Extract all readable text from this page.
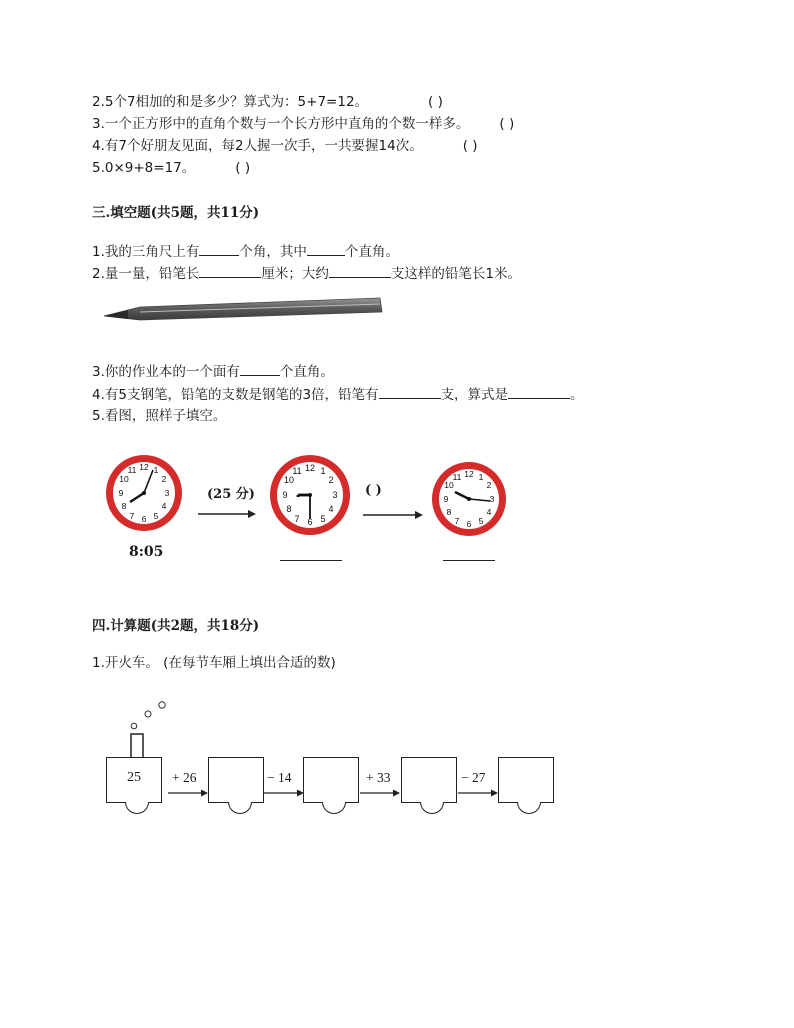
2.5个7相加的和是多少？算式为：5+7=12。	( )
3.一个正方形中的直角个数与一个长方形中直角的个数一样多。 ( )
4.有7个好朋友见面，每2人握一次手，一共要握14次。	( )
5.0×9+8=17。	( )
三.填空题(共5题，共11分)
1.我的三角尺上有	个角，其中	个直角。
2.量一量，铅笔长	厘米；大约	支这样的铅笔长1米。
3.你的作业本的一个面有	个直角。
4.有5支钢笔，铅笔的支数是钢笔的3倍，铅笔有	支，算式是	。
5.看图，照样子填空。
12 1
2
3
4
5
6
7
8
9
10
11
8:05
(25 分)
12 1
2
3
4
5
6
7
8
9
10
11
( )
12 1
2
3
4
5
6
7
8
9
10
11
四.计算题(共2题，共18分)
1.开火车。 (在每节车厢上填出合适的数)
25	+ 26	− 14	+ 33	− 27
